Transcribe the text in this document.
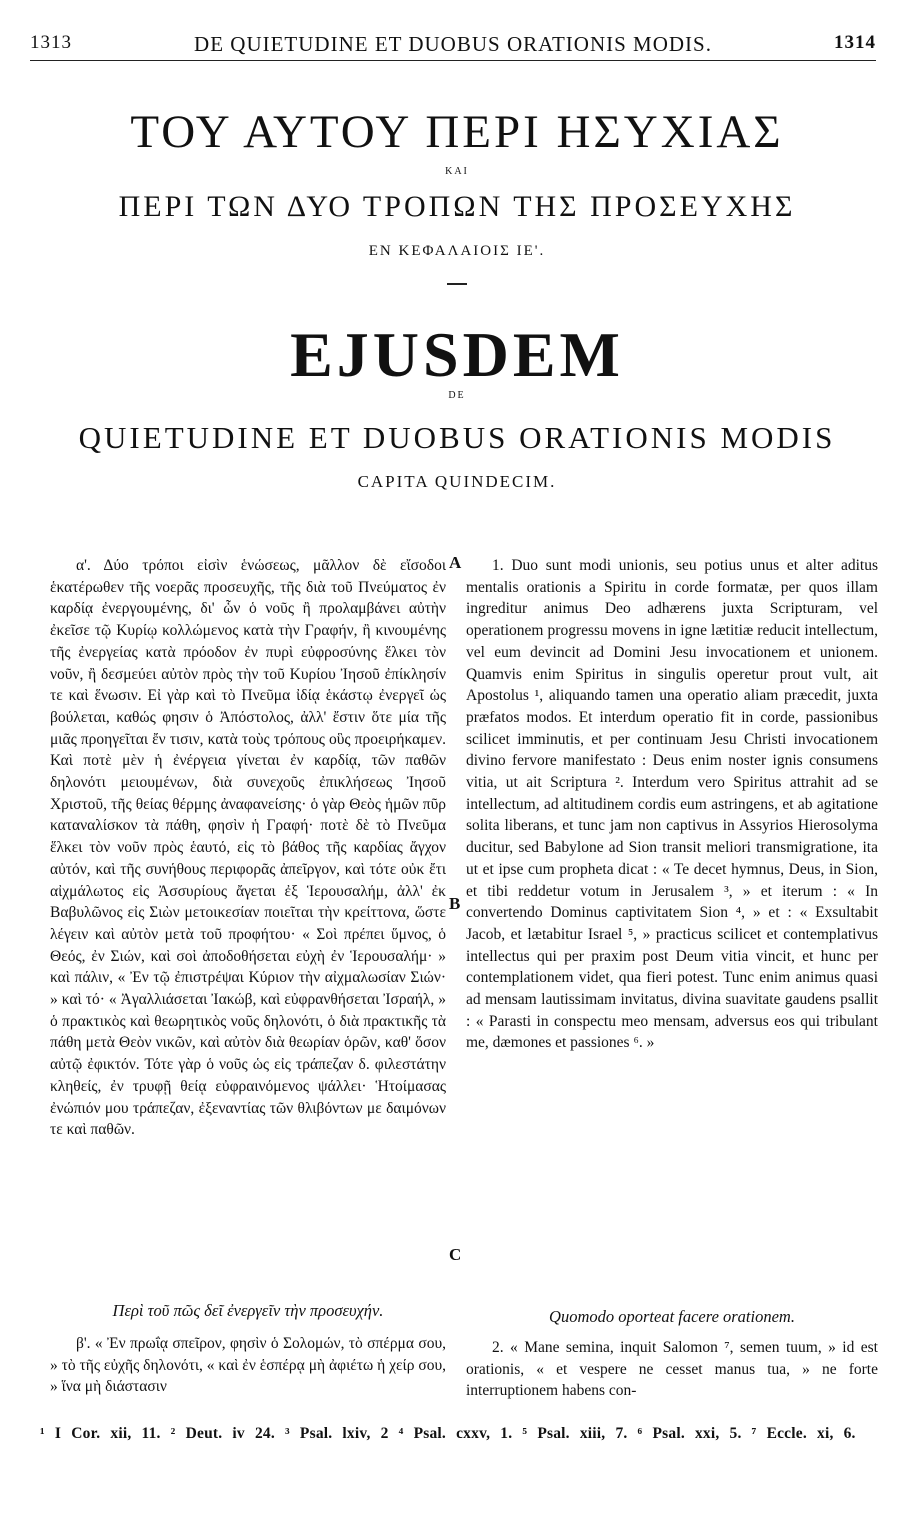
1313	DE QUIETUDINE ET DUOBUS ORATIONIS MODIS.	1314
ΤΟΥ ΑΥΤΟΥ ΠΕΡΙ ΗΣΥΧΙΑΣ
ΚΑΙ
ΠΕΡΙ ΤΩΝ ΔΥΟ ΤΡΟΠΩΝ ΤΗΣ ΠΡΟΣΕΥΧΗΣ
ΕΝ ΚΕΦΑΛΑΙΟΙΣ ΙΕ'.
EJUSDEM
DE
QUIETUDINE ET DUOBUS ORATIONIS MODIS
CAPITA QUINDECIM.

α'. Δύο τρόποι εἰσὶν ἑνώσεως, μᾶλλον δὲ εἴσοδοι ἑκατέρωθεν τῆς νοερᾶς προσευχῆς, τῆς διὰ τοῦ Πνεύματος ἐν καρδίᾳ ἐνεργουμένης, δι' ὧν ὁ νοῦς ἢ προλαμβάνει αὐτὴν ἐκεῖσε τῷ Κυρίῳ κολλώμενος κατὰ τὴν Γραφήν, ἢ κινουμένης τῆς ἐνεργείας κατὰ πρόοδον ἐν πυρὶ εὐφροσύνης ἕλκει τὸν νοῦν, ἢ δεσμεύει αὐτὸν πρὸς τὴν τοῦ Κυρίου Ἰησοῦ ἐπίκλησίν τε καὶ ἕνωσιν. Εἰ γὰρ καὶ τὸ Πνεῦμα ἰδίᾳ ἑκάστῳ ἐνεργεῖ ὡς βούλεται, καθώς φησιν ὁ Ἀπόστολος, ἀλλ' ἔστιν ὅτε μία τῆς μιᾶς προηγεῖται ἔν τισιν, κατὰ τοὺς τρόπους οὓς προειρήκαμεν. Καὶ ποτὲ μὲν ἡ ἐνέργεια γίνεται ἐν καρδίᾳ, τῶν παθῶν δηλονότι μειουμένων, διὰ συνεχοῦς ἐπικλήσεως Ἰησοῦ Χριστοῦ, τῆς θείας θέρμης ἀναφανείσης· ὁ γὰρ Θεὸς ἡμῶν πῦρ καταναλίσκον τὰ πάθη, φησὶν ἡ Γραφή· ποτὲ δὲ τὸ Πνεῦμα ἕλκει τὸν νοῦν πρὸς ἑαυτό, εἰς τὸ βάθος τῆς καρδίας ἄγχον αὐτόν, καὶ τῆς συνήθους περιφορᾶς ἀπεῖργον, καὶ τότε οὐκ ἔτι αἰχμάλωτος εἰς Ἀσσυρίους ἄγεται ἐξ Ἱερουσαλήμ, ἀλλ' ἐκ Βαβυλῶνος εἰς Σιὼν μετοικεσίαν ποιεῖται τὴν κρείττονα, ὥστε λέγειν καὶ αὐτὸν μετὰ τοῦ προφήτου· « Σοὶ πρέπει ὕμνος, ὁ Θεός, ἐν Σιών, καὶ σοὶ ἀποδοθήσεται εὐχὴ ἐν Ἱερουσαλήμ· » καὶ πάλιν, « Ἐν τῷ ἐπιστρέψαι Κύριον τὴν αἰχμαλωσίαν Σιών· » καὶ τό· « Ἀγαλλιάσεται Ἰακώβ, καὶ εὐφρανθήσεται Ἰσραήλ, » ὁ πρακτικὸς καὶ θεωρητικὸς νοῦς δηλονότι, ὁ διὰ πρακτικῆς τὰ πάθη μετὰ Θεὸν νικῶν, καὶ αὐτὸν διὰ θεωρίαν ὁρῶν, καθ' ὅσον αὐτῷ ἐφικτόν. Τότε γὰρ ὁ νοῦς ὡς εἰς τράπεζαν δ. φιλεστάτην κληθείς, ἐν τρυφῇ θείᾳ εὐφραινόμενος ψάλλει· Ἡτοίμασας ἐνώπιόν μου τράπεζαν, ἐξεναντίας τῶν θλιβόντων με δαιμόνων τε καὶ παθῶν.

1. Duo sunt modi unionis, seu potius unus et alter aditus mentalis orationis a Spiritu in corde formatæ, per quos illam ingreditur animus Deo adhærens juxta Scripturam, vel operationem progressu movens in igne lætitiæ reducit intellectum, vel eum devincit ad Domini Jesu invocationem et unionem. Quamvis enim Spiritus in singulis operetur prout vult, ait Apostolus ¹, aliquando tamen una operatio aliam præcedit, juxta præfatos modos. Et interdum operatio fit in corde, passionibus scilicet imminutis, et per continuam Jesu Christi invocationem divino fervore manifestato : Deus enim noster ignis consumens vitia, ut ait Scriptura ². Interdum vero Spiritus attrahit ad se intellectum, ad altitudinem cordis eum astringens, et ab agitatione solita liberans, et tunc jam non captivus in Assyrios Hierosolyma ducitur, sed Babylone ad Sion transit meliori transmigratione, ita ut et ipse cum propheta dicat : « Te decet hymnus, Deus, in Sion, et tibi reddetur votum in Jerusalem ³, » et iterum : « In convertendo Dominus captivitatem Sion ⁴, » et : « Exsultabit Jacob, et lætabitur Israel ⁵, » practicus scilicet et contemplativus intellectus qui per praxim post Deum vitia vincit, et hunc per contemplationem videt, qua fieri potest. Tunc enim animus quasi ad mensam lautissimam invitatus, divina suavitate gaudens psallit : « Parasti in conspectu meo mensam, adversus eos qui tribulant me, dæmones et passiones ⁶. »

A
B
C
Περὶ τοῦ πῶς δεῖ ἐνεργεῖν τὴν προσευχήν.	Quomodo oporteat facere orationem.

β'. « Ἐν πρωΐᾳ σπεῖρον, φησὶν ὁ Σολομών, τὸ σπέρμα σου, » τὸ τῆς εὐχῆς δηλονότι, « καὶ ἐν ἑσπέρᾳ μὴ ἀφιέτω ἡ χείρ σου, » ἵνα μὴ διάστασιν

2. « Mane semina, inquit Salomon ⁷, semen tuum, » id est orationis, « et vespere ne cesset manus tua, » ne forte interruptionem habens con-

¹ I Cor. xii, 11. ² Deut. iv 24. ³ Psal. lxiv, 2 ⁴ Psal. cxxv, 1. ⁵ Psal. xiii, 7. ⁶ Psal. xxi, 5. ⁷ Eccle. xi, 6.
